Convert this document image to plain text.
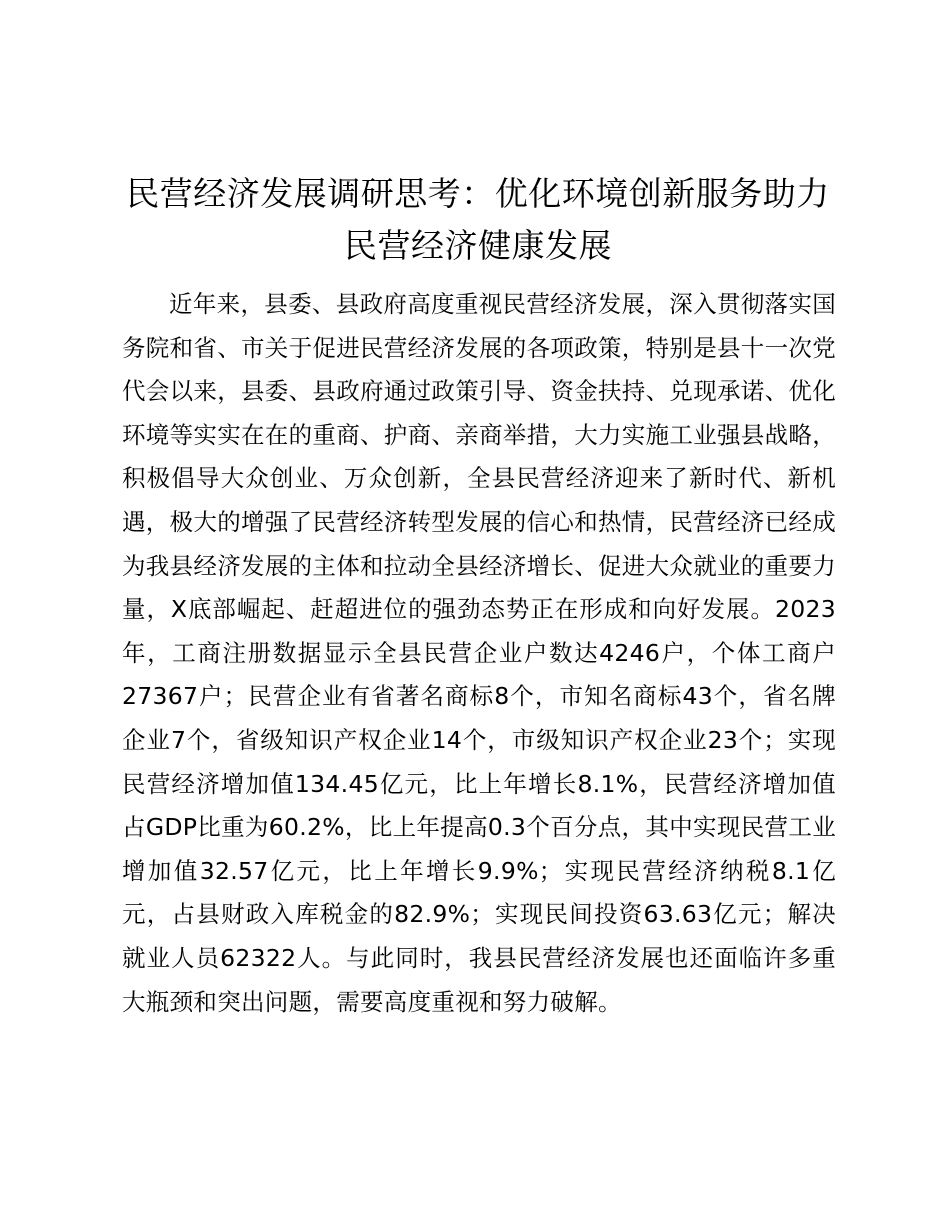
民营经济发展调研思考：优化环境创新服务助力民营经济健康发展

近年来，县委、县政府高度重视民营经济发展，深入贯彻落实国务院和省、市关于促进民营经济发展的各项政策，特别是县十一次党代会以来，县委、县政府通过政策引导、资金扶持、兑现承诺、优化环境等实实在在的重商、护商、亲商举措，大力实施工业强县战略，积极倡导大众创业、万众创新，全县民营经济迎来了新时代、新机遇，极大的增强了民营经济转型发展的信心和热情，民营经济已经成为我县经济发展的主体和拉动全县经济增长、促进大众就业的重要力量，X底部崛起、赶超进位的强劲态势正在形成和向好发展。2023年，工商注册数据显示全县民营企业户数达4246户，个体工商户27367户；民营企业有省著名商标8个，市知名商标43个，省名牌企业7个，省级知识产权企业14个，市级知识产权企业23个；实现民营经济增加值134.45亿元，比上年增长8.1%，民营经济增加值占GDP比重为60.2%，比上年提高0.3个百分点，其中实现民营工业增加值32.57亿元，比上年增长9.9%；实现民营经济纳税8.1亿元，占县财政入库税金的82.9%；实现民间投资63.63亿元；解决就业人员62322人。与此同时，我县民营经济发展也还面临许多重大瓶颈和突出问题，需要高度重视和努力破解。
